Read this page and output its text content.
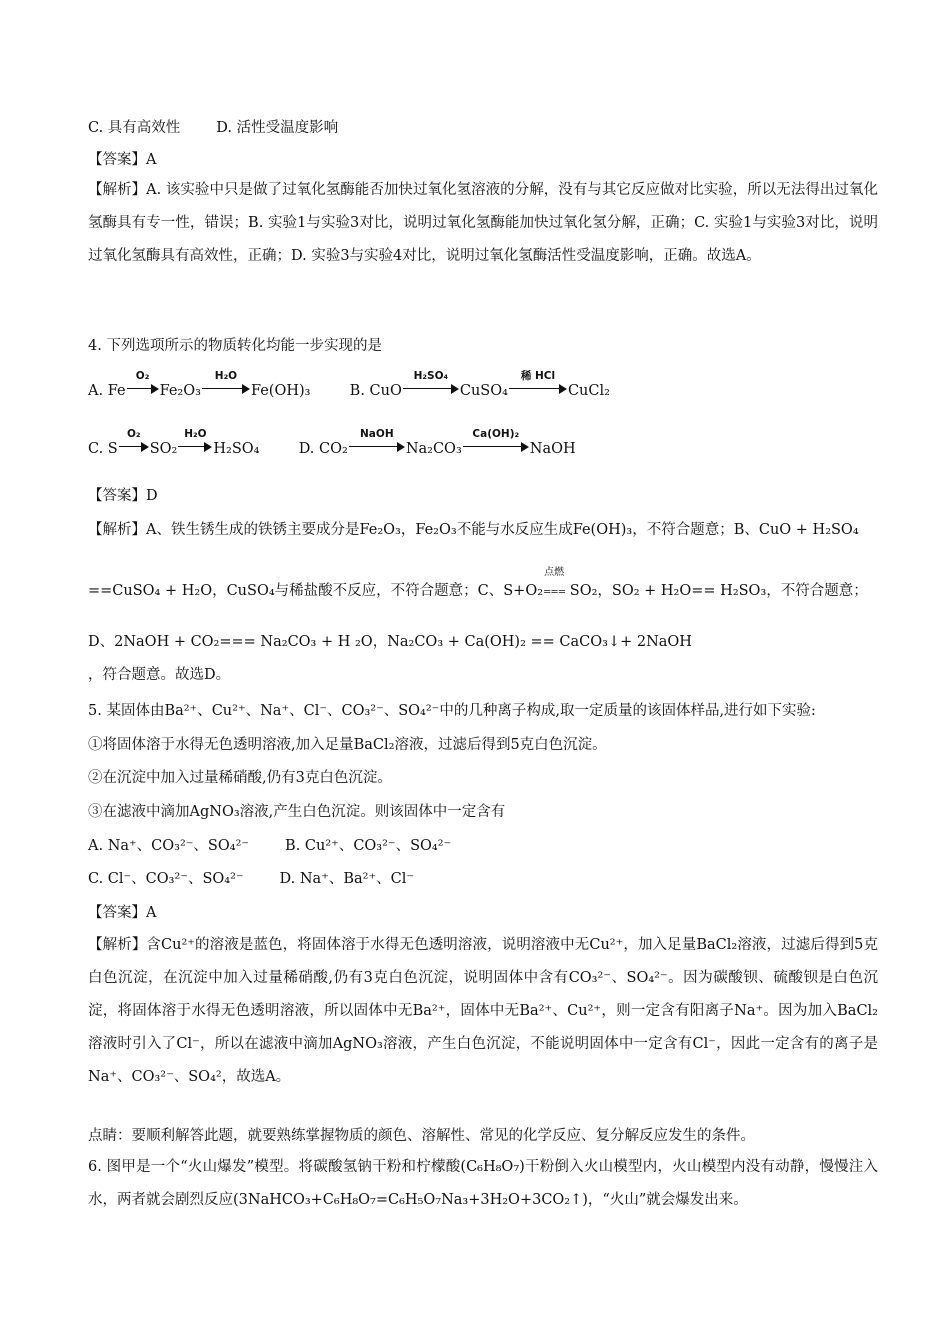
C. 具有高效性 D. 活性受温度影响
【答案】A
【解析】A. 该实验中只是做了过氧化氢酶能否加快过氧化氢溶液的分解，没有与其它反应做对比实验，所以无法得出过氧化氢酶具有专一性，错误；B. 实验1与实验3对比，说明过氧化氢酶能加快过氧化氢分解，正确；C. 实验1与实验3对比，说明过氧化氢酶具有高效性，正确；D. 实验3与实验4对比，说明过氧化氢酶活性受温度影响，正确。故选A。
4. 下列选项所示的物质转化均能一步实现的是
A. Fe
O₂
Fe₂O₃
H₂O
Fe(OH)₃	B. CuO
H₂SO₄
CuSO₄
稀 HCl
CuCl₂
C. S
O₂
SO₂
H₂O
H₂SO₄	D. CO₂
NaOH
Na₂CO₃
Ca(OH)₂
NaOH
【答案】D
【解析】A、铁生锈生成的铁锈主要成分是Fe₂O₃，Fe₂O₃不能与水反应生成Fe(OH)₃，不符合题意；B、CuO + H₂SO₄
==CuSO₄ + H₂O，CuSO₄与稀盐酸不反应，不符合题意；C、S+O₂
点燃
=== SO₂，SO₂ + H₂O== H₂SO₃，不符合题意；
D、2NaOH + CO₂=== Na₂CO₃ + H ₂O，Na₂CO₃ + Ca(OH)₂ == CaCO₃↓+ 2NaOH
，符合题意。故选D。
5. 某固体由Ba²⁺、Cu²⁺、Na⁺、Cl⁻、CO₃²⁻、SO₄²⁻中的几种离子构成,取一定质量的该固体样品,进行如下实验:
①将固体溶于水得无色透明溶液,加入足量BaCl₂溶液，过滤后得到5克白色沉淀。
②在沉淀中加入过量稀硝酸,仍有3克白色沉淀。
③在滤液中滴加AgNO₃溶液,产生白色沉淀。则该固体中一定含有
A. Na⁺、CO₃²⁻、SO₄²⁻ B. Cu²⁺、CO₃²⁻、SO₄²⁻
C. Cl⁻、CO₃²⁻、SO₄²⁻ D. Na⁺、Ba²⁺、Cl⁻
【答案】A
【解析】含Cu²⁺的溶液是蓝色，将固体溶于水得无色透明溶液，说明溶液中无Cu²⁺，加入足量BaCl₂溶液，过滤后得到5克白色沉淀，在沉淀中加入过量稀硝酸,仍有3克白色沉淀，说明固体中含有CO₃²⁻、SO₄²⁻。因为碳酸钡、硫酸钡是白色沉淀，将固体溶于水得无色透明溶液，所以固体中无Ba²⁺，固体中无Ba²⁺、Cu²⁺，则一定含有阳离子Na⁺。因为加入BaCl₂溶液时引入了Cl⁻，所以在滤液中滴加AgNO₃溶液，产生白色沉淀，不能说明固体中一定含有Cl⁻，因此一定含有的离子是Na⁺、CO₃²⁻、SO₄²，故选A。
点睛：要顺利解答此题，就要熟练掌握物质的颜色、溶解性、常见的化学反应、复分解反应发生的条件。
6. 图甲是一个“火山爆发”模型。将碳酸氢钠干粉和柠檬酸(C₆H₈O₇)干粉倒入火山模型内，火山模型内没有动静，慢慢注入水，两者就会剧烈反应(3NaHCO₃+C₆H₈O₇=C₆H₅O₇Na₃+3H₂O+3CO₂↑)，“火山”就会爆发出来。
